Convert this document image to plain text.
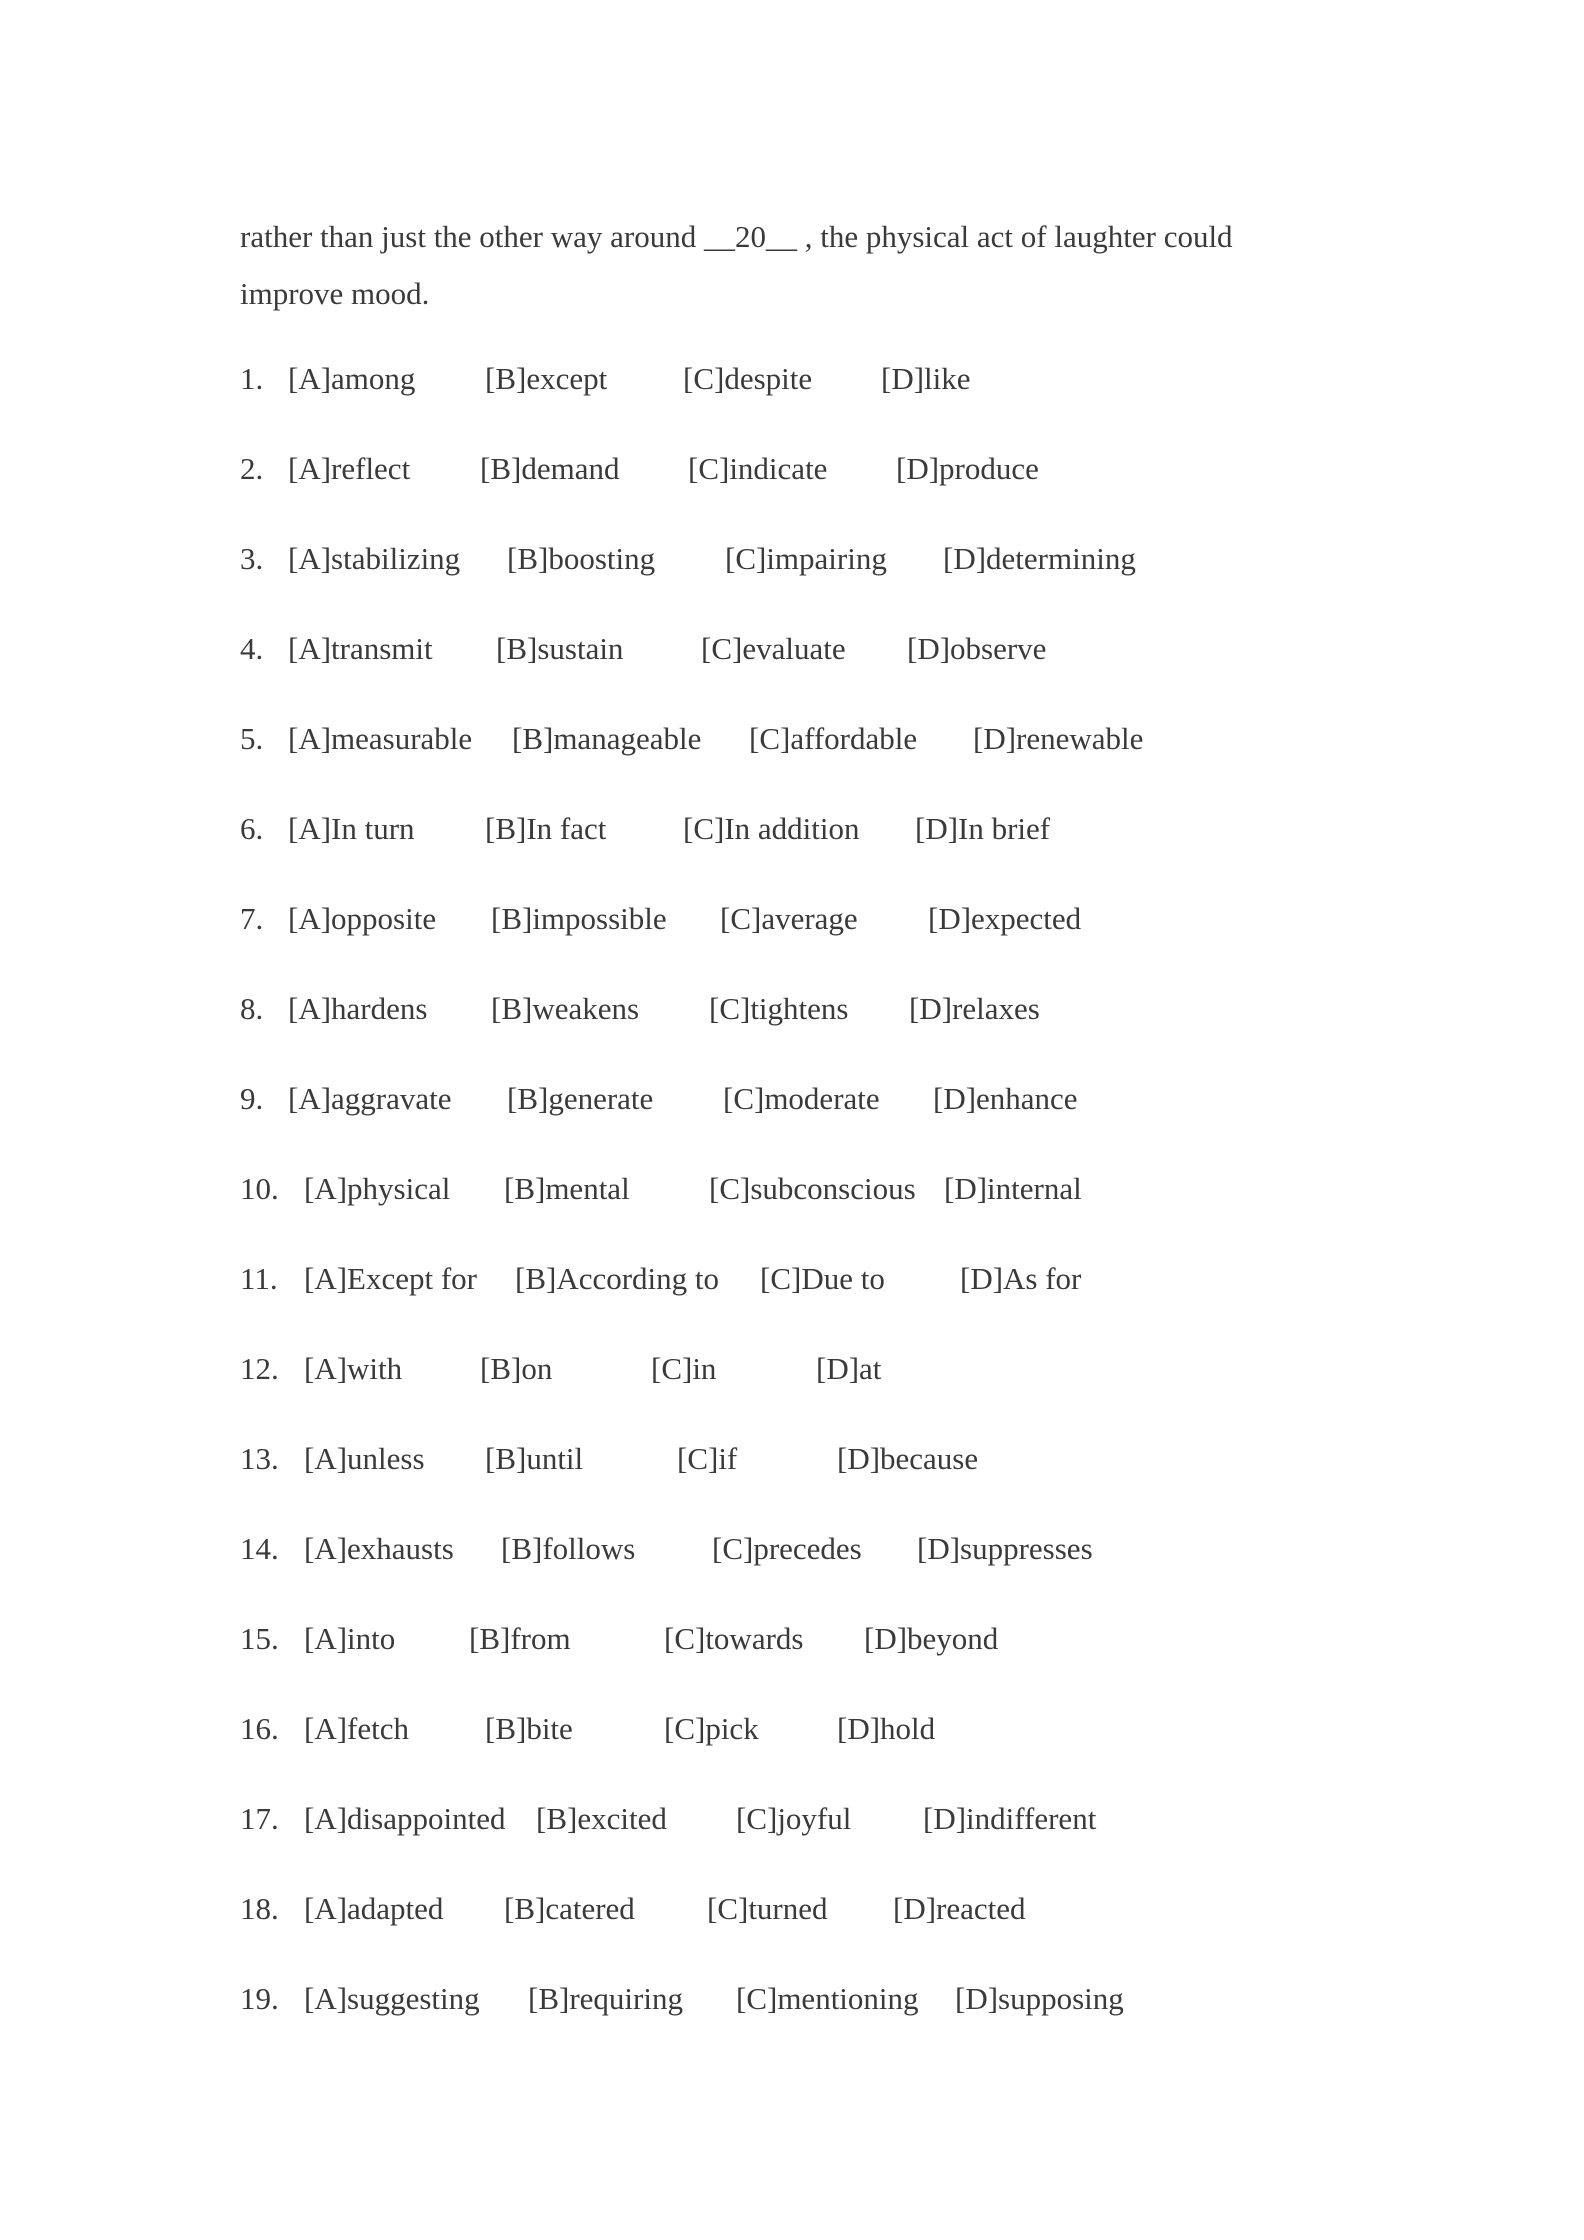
rather than just the other way around __20__ , the physical act of laughter could
improve mood.
1. [A]among [B]except [C]despite [D]like
2. [A]reflect [B]demand [C]indicate [D]produce
3. [A]stabilizing [B]boosting [C]impairing [D]determining
4. [A]transmit [B]sustain	[C]evaluate [D]observe
5. [A]measurable [B]manageable [C]affordable [D]renewable
6. [A]In turn [B]In fact [C]In addition [D]In brief
7. [A]opposite [B]impossible [C]average [D]expected
8. [A]hardens [B]weakens [C]tightens [D]relaxes
9. [A]aggravate [B]generate [C]moderate [D]enhance
10. [A]physical [B]mental	[C]subconscious [D]internal
11. [A]Except for [B]According to [C]Due to [D]As for
12. [A]with	[B]on	[C]in	[D]at
13. [A]unless [B]until	[C]if	[D]because
14. [A]exhausts [B]follows [C]precedes [D]suppresses
15. [A]into [B]from	[C]towards [D]beyond
16. [A]fetch [B]bite	[C]pick	[D]hold
17. [A]disappointed [B]excited [C]joyful [D]indifferent
18. [A]adapted [B]catered [C]turned [D]reacted
19. [A]suggesting [B]requiring [C]mentioning [D]supposing
